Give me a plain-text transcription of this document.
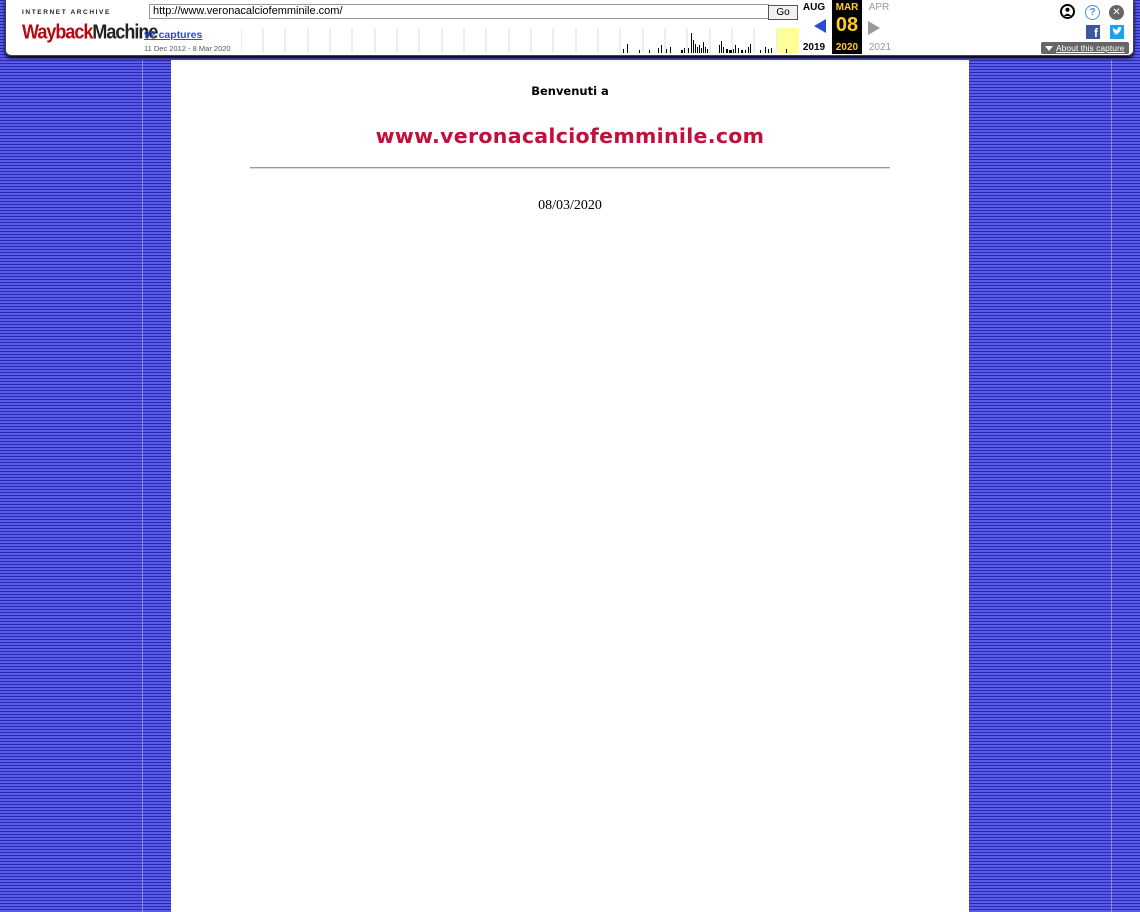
INTERNET ARCHIVE
WaybackMachine
http://www.veronacalciofemminile.com/	Go
92 captures
11 Dec 2012 - 8 Mar 2020
AUG
2019
MAR
08
2020
APR
2021
?	✕
f
About this capture
Benvenuti a
www.veronacalciofemminile.com
08/03/2020
